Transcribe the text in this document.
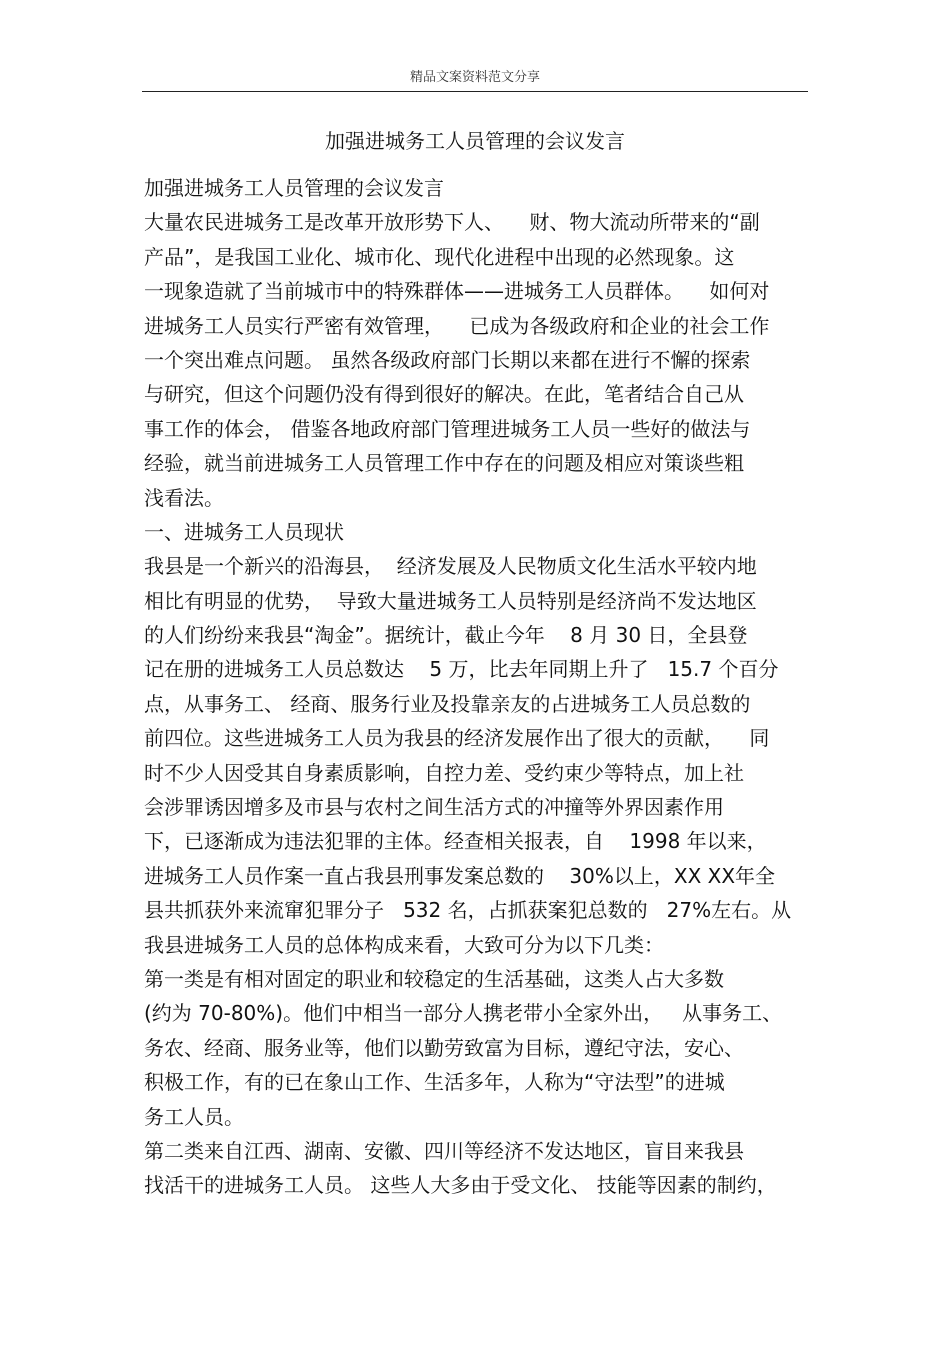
精品文案资料范文分享
加强进城务工人员管理的会议发言
加强进城务工人员管理的会议发言
大量农民进城务工是改革开放形势下人、    财、物大流动所带来的“副
产品”，是我国工业化、城市化、现代化进程中出现的必然现象。这
一现象造就了当前城市中的特殊群体——进城务工人员群体。    如何对
进城务工人员实行严密有效管理，    已成为各级政府和企业的社会工作
一个突出难点问题。 虽然各级政府部门长期以来都在进行不懈的探索
与研究，但这个问题仍没有得到很好的解决。在此，笔者结合自己从
事工作的体会， 借鉴各地政府部门管理进城务工人员一些好的做法与
经验，就当前进城务工人员管理工作中存在的问题及相应对策谈些粗
浅看法。
一、进城务工人员现状
我县是一个新兴的沿海县，  经济发展及人民物质文化生活水平较内地
相比有明显的优势，  导致大量进城务工人员特别是经济尚不发达地区
的人们纷纷来我县“淘金”。据统计，截止今年    8 月 30 日，全县登
记在册的进城务工人员总数达    5 万，比去年同期上升了   15.7 个百分
点，从事务工、 经商、服务行业及投靠亲友的占进城务工人员总数的
前四位。这些进城务工人员为我县的经济发展作出了很大的贡献，    同
时不少人因受其自身素质影响，自控力差、受约束少等特点，加上社
会涉罪诱因增多及市县与农村之间生活方式的冲撞等外界因素作用
下，已逐渐成为违法犯罪的主体。经查相关报表，自    1998 年以来，
进城务工人员作案一直占我县刑事发案总数的    30%以上，XX XX年全
县共抓获外来流窜犯罪分子   532 名，占抓获案犯总数的   27%左右。从
我县进城务工人员的总体构成来看，大致可分为以下几类：
第一类是有相对固定的职业和较稳定的生活基础，这类人占大多数
(约为 70-80%)。他们中相当一部分人携老带小全家外出，   从事务工、
务农、经商、服务业等，他们以勤劳致富为目标，遵纪守法，安心、
积极工作，有的已在象山工作、生活多年，人称为“守法型”的进城
务工人员。
第二类来自江西、湖南、安徽、四川等经济不发达地区，盲目来我县
找活干的进城务工人员。 这些人大多由于受文化、 技能等因素的制约，
